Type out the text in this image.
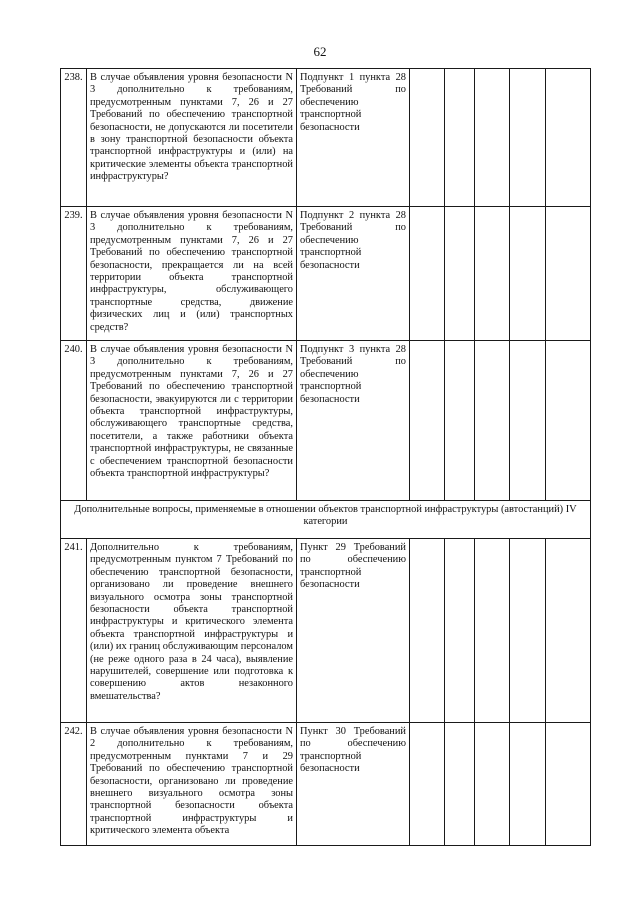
62
238.	В случае объявления уровня безопасности N 3 дополнительно к требованиям, предусмотренным пунктами 7, 26 и 27 Требований по обеспечению транспортной безопасности, не допускаются ли посетители в зону транспортной безопасности объекта транспортной инфраструктуры и (или) на критические элементы объекта транспортной инфраструктуры?	Подпункт 1 пункта 28 Требований по обеспечению транспортной безопасности					
239.	В случае объявления уровня безопасности N 3 дополнительно к требованиям, предусмотренным пунктами 7, 26 и 27 Требований по обеспечению транспортной безопасности, прекращается ли на всей территории объекта транспортной инфраструктуры, обслуживающего транспортные средства, движение физических лиц и (или) транспортных средств?	Подпункт 2 пункта 28 Требований по обеспечению транспортной безопасности					
240.	В случае объявления уровня безопасности N 3 дополнительно к требованиям, предусмотренным пунктами 7, 26 и 27 Требований по обеспечению транспортной безопасности, эвакуируются ли с территории объекта транспортной инфраструктуры, обслуживающего транспортные средства, посетители, а также работники объекта транспортной инфраструктуры, не связанные с обеспечением транспортной безопасности объекта транспортной инфраструктуры?	Подпункт 3 пункта 28 Требований по обеспечению транспортной безопасности					
Дополнительные вопросы, применяемые в отношении объектов транспортной инфраструктуры (автостанций) IV категории							
241.	Дополнительно к требованиям, предусмотренным пунктом 7 Требований по обеспечению транспортной безопасности, организовано ли проведение внешнего визуального осмотра зоны транспортной безопасности объекта транспортной инфраструктуры и критического элемента объекта транспортной инфраструктуры и (или) их границ обслуживающим персоналом (не реже одного раза в 24 часа), выявление нарушителей, совершение или подготовка к совершению актов незаконного вмешательства?	Пункт 29 Требований по обеспечению транспортной безопасности					
242.	В случае объявления уровня безопасности N 2 дополнительно к требованиям, предусмотренным пунктами 7 и 29 Требований по обеспечению транспортной безопасности, организовано ли проведение внешнего визуального осмотра зоны транспортной безопасности объекта транспортной инфраструктуры и критического элемента объекта	Пункт 30 Требований по обеспечению транспортной безопасности					
